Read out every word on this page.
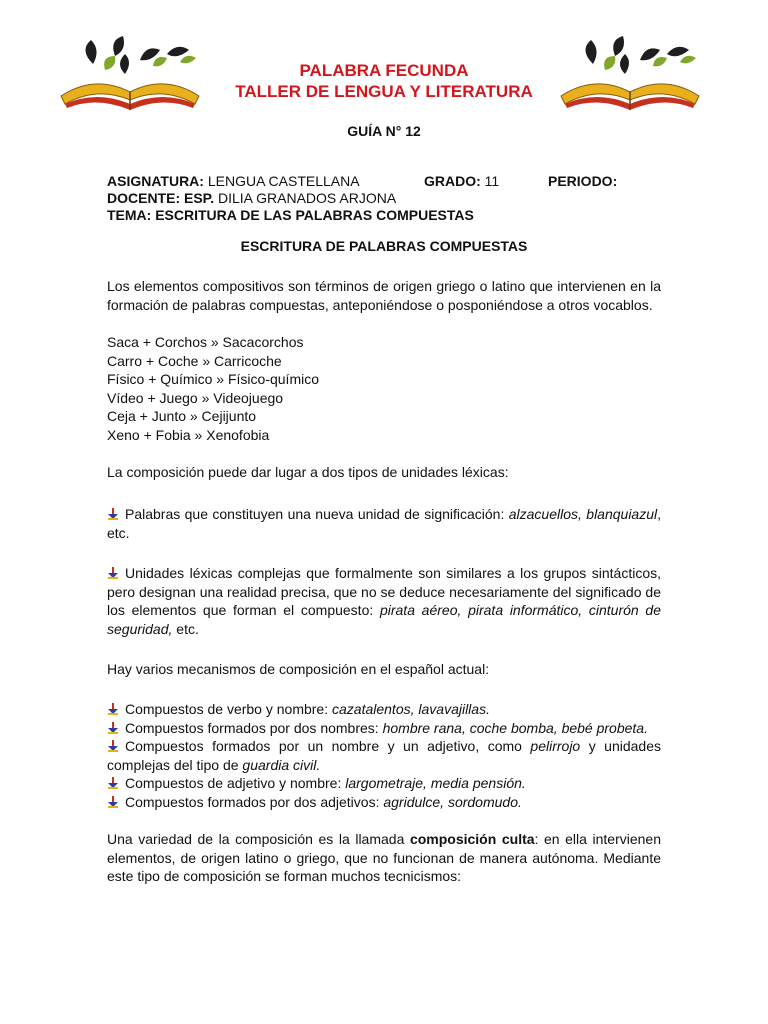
PALABRA FECUNDA
TALLER DE LENGUA Y LITERATURA
GUÍA N° 12
ASIGNATURA: LENGUA CASTELLANA	GRADO: 11	PERIODO:
DOCENTE: ESP. DILIA GRANADOS ARJONA
TEMA: ESCRITURA DE LAS PALABRAS COMPUESTAS
ESCRITURA DE PALABRAS COMPUESTAS
Los elementos compositivos son términos de origen griego o latino que intervienen en la formación de palabras compuestas, anteponiéndose o posponiéndose a otros vocablos.
Saca + Corchos » Sacacorchos
Carro + Coche » Carricoche
Físico + Químico » Físico-químico
Vídeo + Juego » Videojuego
Ceja + Junto » Cejijunto
Xeno + Fobia » Xenofobia
La composición puede dar lugar a dos tipos de unidades léxicas:
Palabras que constituyen una nueva unidad de significación: alzacuellos, blanquiazul, etc.
Unidades léxicas complejas que formalmente son similares a los grupos sintácticos, pero designan una realidad precisa, que no se deduce necesariamente del significado de los elementos que forman el compuesto: pirata aéreo, pirata informático, cinturón de seguridad, etc.
Hay varios mecanismos de composición en el español actual:
Compuestos de verbo y nombre: cazatalentos, lavavajillas.
Compuestos formados por dos nombres: hombre rana, coche bomba, bebé probeta.
Compuestos formados por un nombre y un adjetivo, como pelirrojo y unidades complejas del tipo de guardia civil.
Compuestos de adjetivo y nombre: largometraje, media pensión.
Compuestos formados por dos adjetivos: agridulce, sordomudo.
Una variedad de la composición es la llamada composición culta: en ella intervienen elementos, de origen latino o griego, que no funcionan de manera autónoma. Mediante este tipo de composición se forman muchos tecnicismos:
